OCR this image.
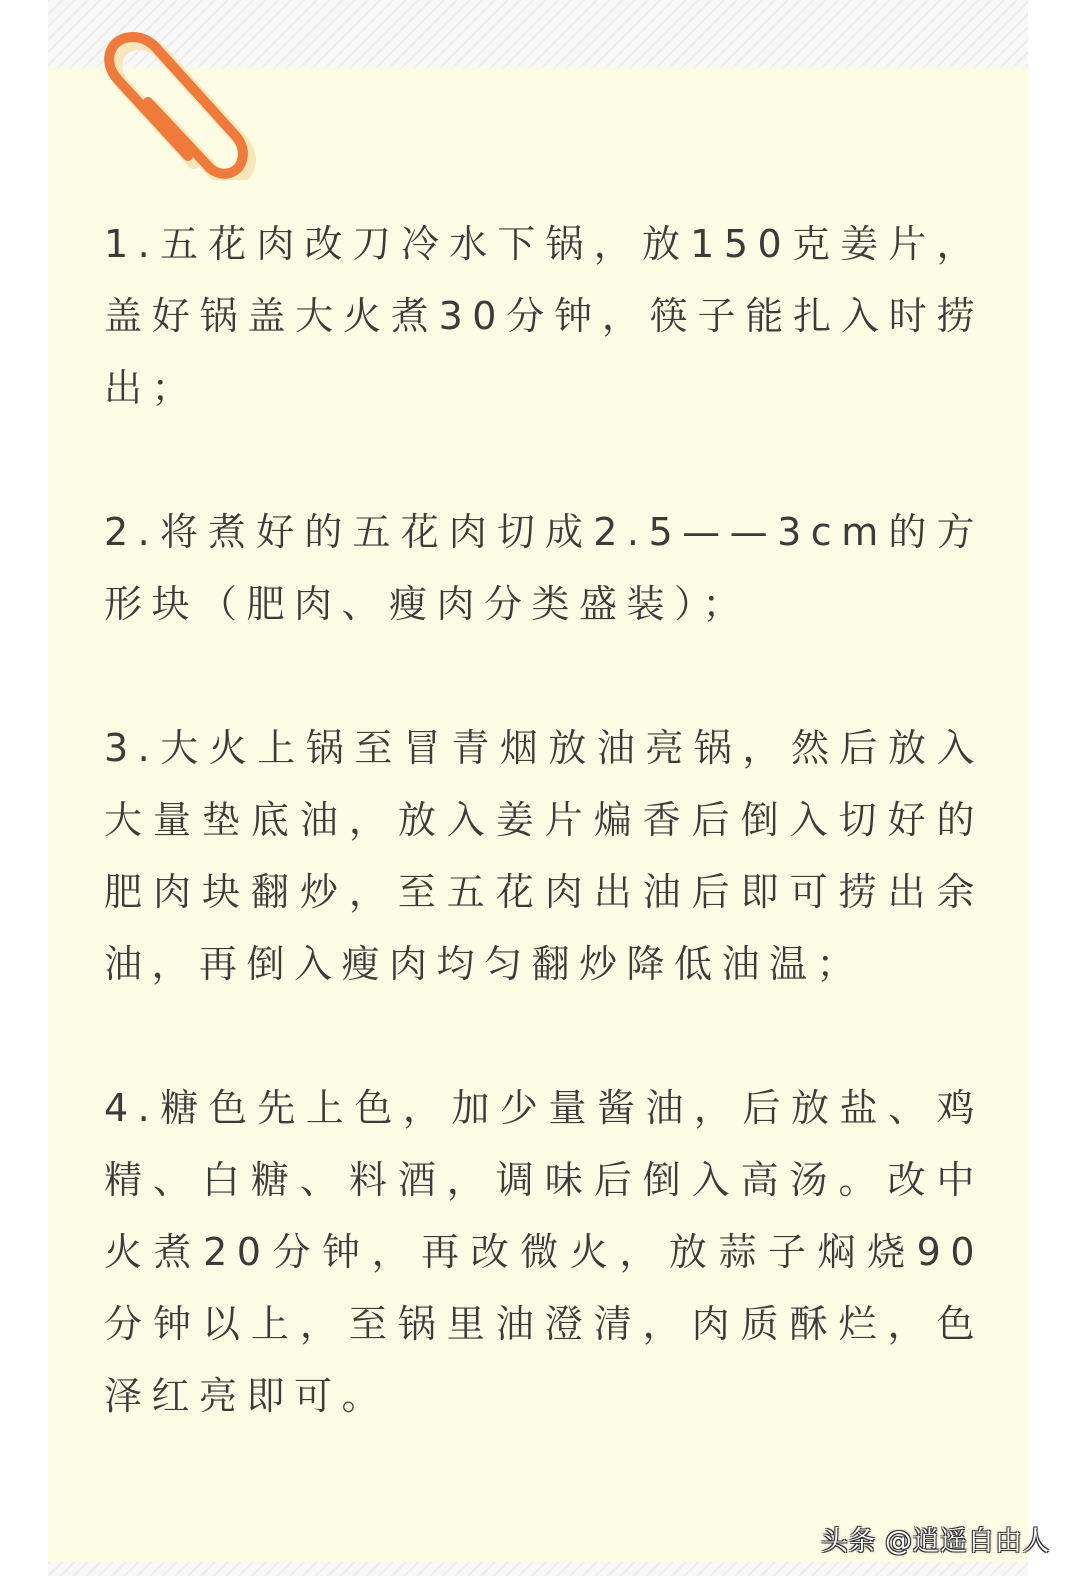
1.五花肉改刀冷水下锅，放150克姜片，盖好锅盖大火煮30分钟，筷子能扎入时捞出；

2.将煮好的五花肉切成2.5——3cm的方形块（肥肉、瘦肉分类盛装）；

3.大火上锅至冒青烟放油亮锅，然后放入大量垫底油，放入姜片煸香后倒入切好的肥肉块翻炒，至五花肉出油后即可捞出余油，再倒入瘦肉均匀翻炒降低油温；

4.糖色先上色，加少量酱油，后放盐、鸡精、白糖、料酒，调味后倒入高汤。改中火煮20分钟，再改微火，放蒜子焖烧90分钟以上，至锅里油澄清，肉质酥烂，色泽红亮即可。

头条 @逍遥自由人
